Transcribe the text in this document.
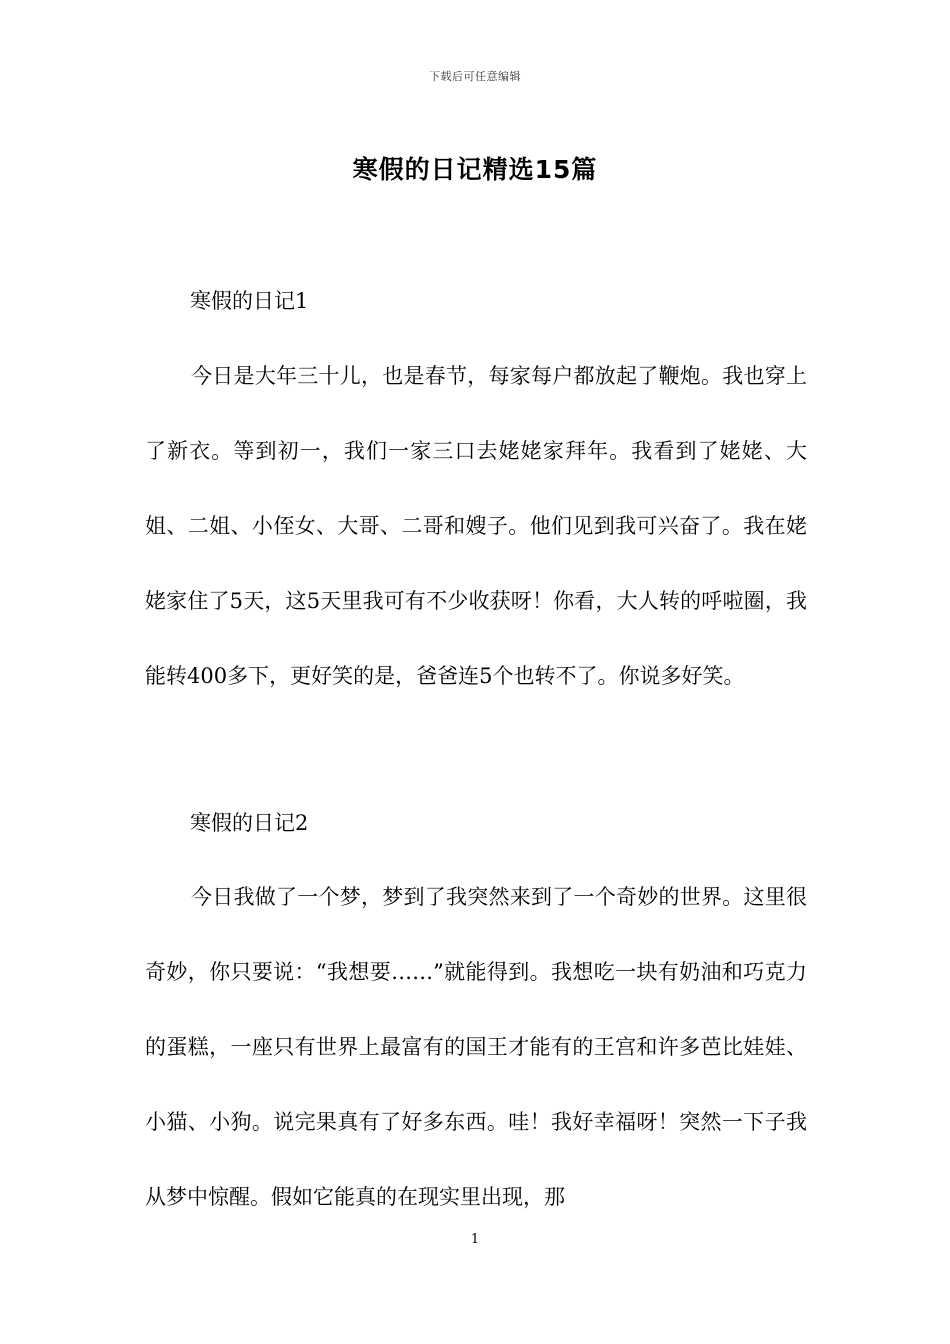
下载后可任意编辑
寒假的日记精选15篇
寒假的日记1
今日是大年三十儿，也是春节，每家每户都放起了鞭炮。我也穿上了新衣。等到初一，我们一家三口去姥姥家拜年。我看到了姥姥、大姐、二姐、小侄女、大哥、二哥和嫂子。他们见到我可兴奋了。我在姥姥家住了5天，这5天里我可有不少收获呀！你看，大人转的呼啦圈，我能转400多下，更好笑的是，爸爸连5个也转不了。你说多好笑。
寒假的日记2
今日我做了一个梦，梦到了我突然来到了一个奇妙的世界。这里很奇妙，你只要说：“我想要……”就能得到。我想吃一块有奶油和巧克力的蛋糕，一座只有世界上最富有的国王才能有的王宫和许多芭比娃娃、小猫、小狗。说完果真有了好多东西。哇！我好幸福呀！突然一下子我从梦中惊醒。假如它能真的在现实里出现，那
1
